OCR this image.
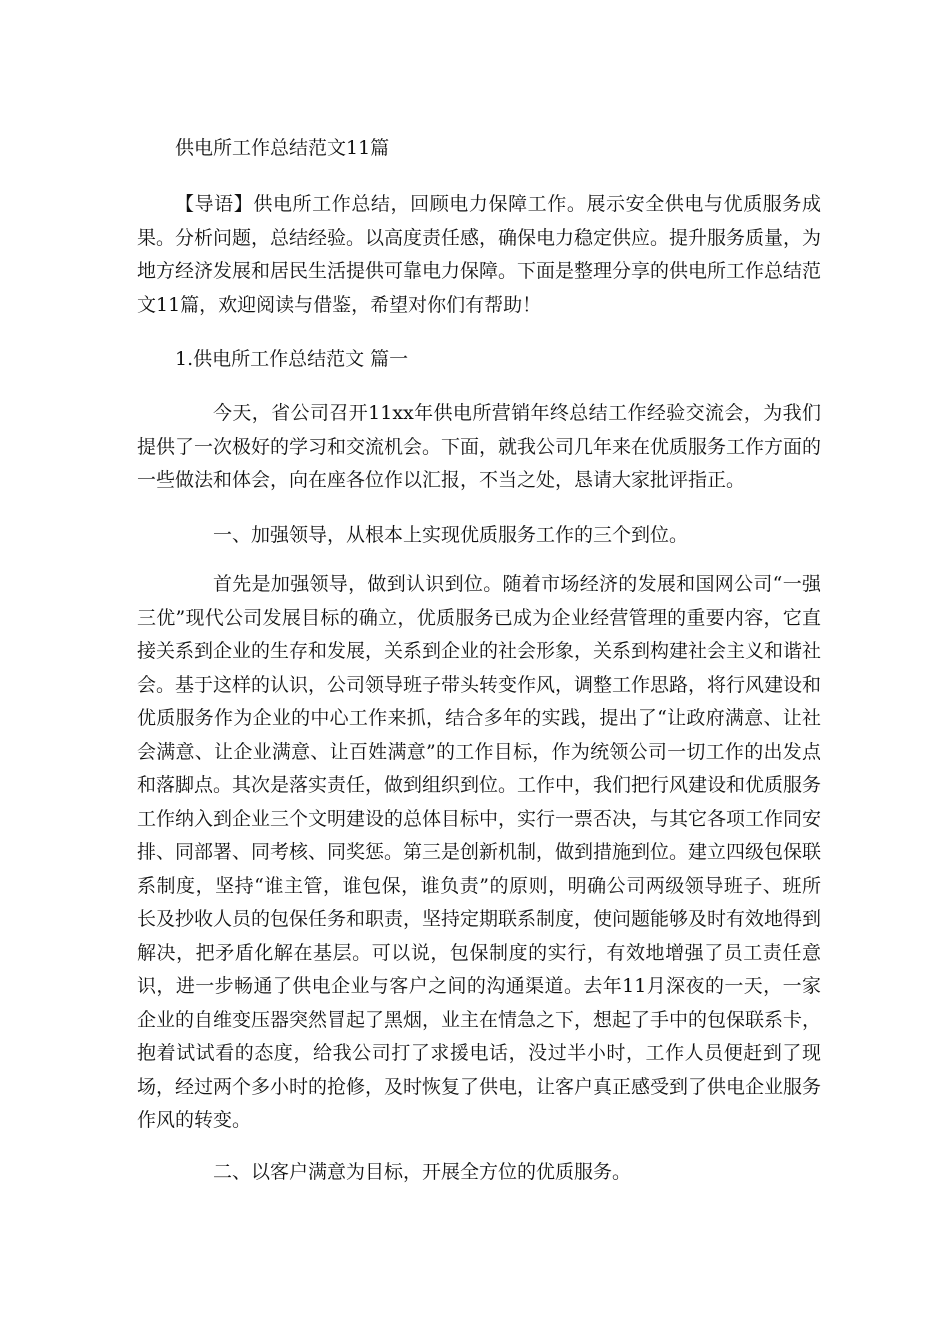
供电所工作总结范文11篇

【导语】供电所工作总结，回顾电力保障工作。展示安全供电与优质服务成果。分析问题，总结经验。以高度责任感，确保电力稳定供应。提升服务质量，为地方经济发展和居民生活提供可靠电力保障。下面是整理分享的供电所工作总结范文11篇，欢迎阅读与借鉴，希望对你们有帮助！

1.供电所工作总结范文 篇一

今天，省公司召开11xx年供电所营销年终总结工作经验交流会，为我们提供了一次极好的学习和交流机会。下面，就我公司几年来在优质服务工作方面的一些做法和体会，向在座各位作以汇报，不当之处，恳请大家批评指正。

一、加强领导，从根本上实现优质服务工作的三个到位。

首先是加强领导，做到认识到位。随着市场经济的发展和国网公司“一强三优”现代公司发展目标的确立，优质服务已成为企业经营管理的重要内容，它直接关系到企业的生存和发展，关系到企业的社会形象，关系到构建社会主义和谐社会。基于这样的认识，公司领导班子带头转变作风，调整工作思路，将行风建设和优质服务作为企业的中心工作来抓，结合多年的实践，提出了“让政府满意、让社会满意、让企业满意、让百姓满意”的工作目标，作为统领公司一切工作的出发点和落脚点。其次是落实责任，做到组织到位。工作中，我们把行风建设和优质服务工作纳入到企业三个文明建设的总体目标中，实行一票否决，与其它各项工作同安排、同部署、同考核、同奖惩。第三是创新机制，做到措施到位。建立四级包保联系制度，坚持“谁主管，谁包保，谁负责”的原则，明确公司两级领导班子、班所长及抄收人员的包保任务和职责，坚持定期联系制度，使问题能够及时有效地得到解决，把矛盾化解在基层。可以说，包保制度的实行，有效地增强了员工责任意识，进一步畅通了供电企业与客户之间的沟通渠道。去年11月深夜的一天，一家企业的自维变压器突然冒起了黑烟，业主在情急之下，想起了手中的包保联系卡，抱着试试看的态度，给我公司打了求援电话，没过半小时，工作人员便赶到了现场，经过两个多小时的抢修，及时恢复了供电，让客户真正感受到了供电企业服务作风的转变。

二、以客户满意为目标，开展全方位的优质服务。
